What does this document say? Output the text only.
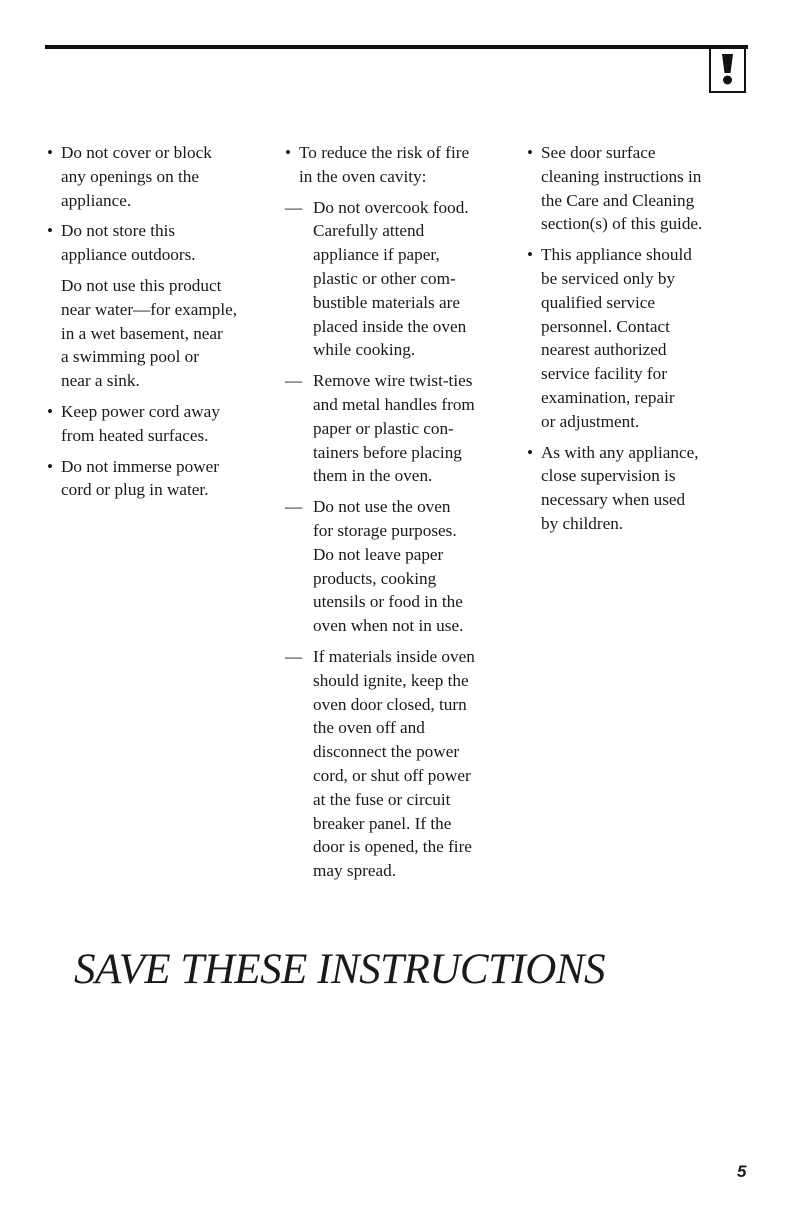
• Do not cover or block
any openings on the
appliance.
• Do not store this
appliance outdoors.
Do not use this product
near water—for example,
in a wet basement, near
a swimming pool or
near a sink.
• Keep power cord away
from heated surfaces.
• Do not immerse power
cord or plug in water.
• To reduce the risk of fire
in the oven cavity:
— Do not overcook food.
Carefully attend
appliance if paper,
plastic or other com-
bustible materials are
placed inside the oven
while cooking.
— Remove wire twist-ties
and metal handles from
paper or plastic con-
tainers before placing
them in the oven.
— Do not use the oven
for storage purposes.
Do not leave paper
products, cooking
utensils or food in the
oven when not in use.
— If materials inside oven
should ignite, keep the
oven door closed, turn
the oven off and
disconnect the power
cord, or shut off power
at the fuse or circuit
breaker panel. If the
door is opened, the fire
may spread.
• See door surface
cleaning instructions in
the Care and Cleaning
section(s) of this guide.
• This appliance should
be serviced only by
qualified service
personnel. Contact
nearest authorized
service facility for
examination, repair
or adjustment.
• As with any appliance,
close supervision is
necessary when used
by children.
SAVE THESE INSTRUCTIONS
5
